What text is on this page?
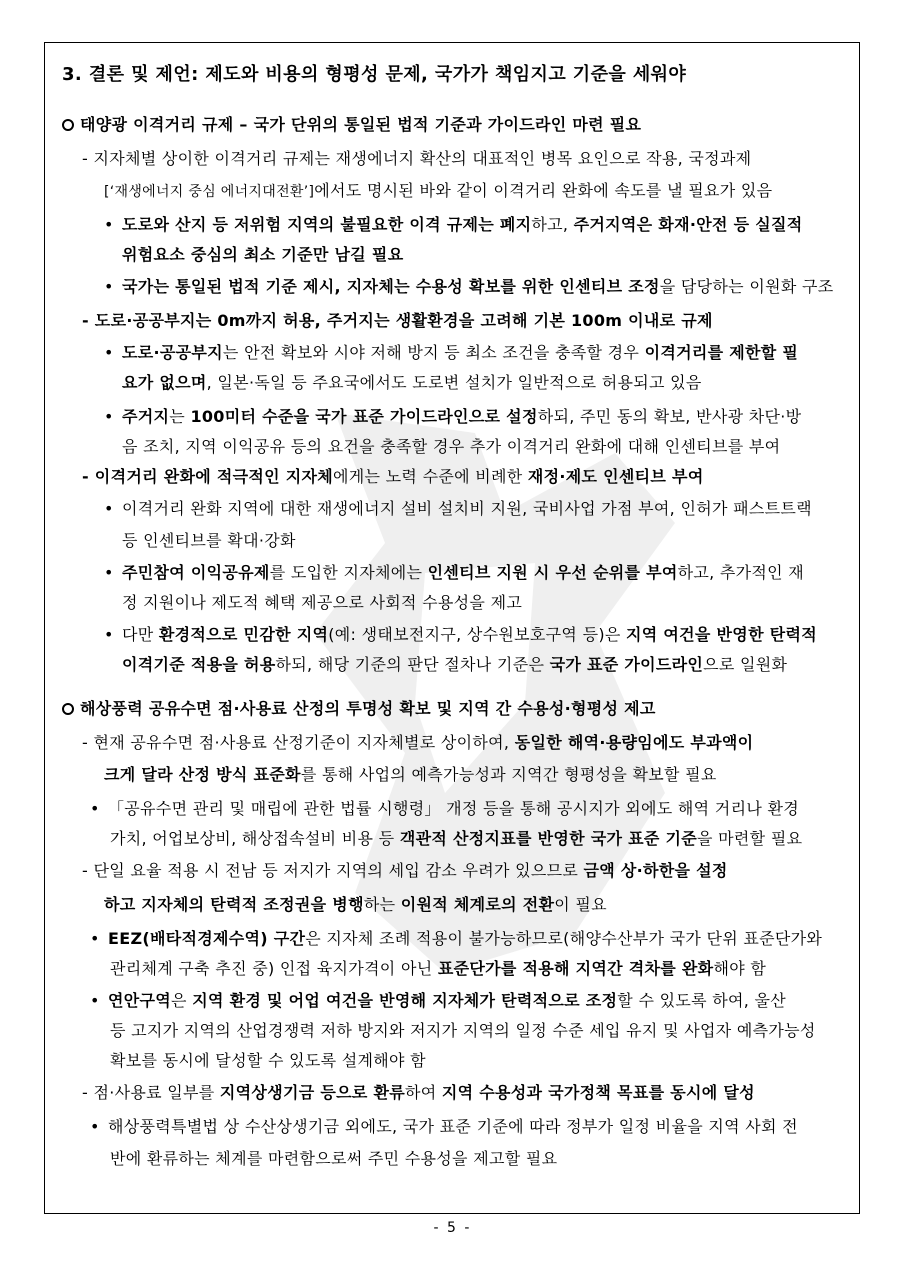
3. 결론 및 제언: 제도와 비용의 형평성 문제, 국가가 책임지고 기준을 세워야
태양광 이격거리 규제 – 국가 단위의 통일된 법적 기준과 가이드라인 마련 필요
- 지자체별 상이한 이격거리 규제는 재생에너지 확산의 대표적인 병목 요인으로 작용, 국정과제
[‘재생에너지 중심 에너지대전환’]에서도 명시된 바와 같이 이격거리 완화에 속도를 낼 필요가 있음
• 도로와 산지 등 저위험 지역의 불필요한 이격 규제는 폐지하고, 주거지역은 화재·안전 등 실질적
위험요소 중심의 최소 기준만 남길 필요
• 국가는 통일된 법적 기준 제시, 지자체는 수용성 확보를 위한 인센티브 조정을 담당하는 이원화 구조
- 도로·공공부지는 0m까지 허용, 주거지는 생활환경을 고려해 기본 100m 이내로 규제
• 도로·공공부지는 안전 확보와 시야 저해 방지 등 최소 조건을 충족할 경우 이격거리를 제한할 필
요가 없으며, 일본·독일 등 주요국에서도 도로변 설치가 일반적으로 허용되고 있음
• 주거지는 100미터 수준을 국가 표준 가이드라인으로 설정하되, 주민 동의 확보, 반사광 차단·방
음 조치, 지역 이익공유 등의 요건을 충족할 경우 추가 이격거리 완화에 대해 인센티브를 부여
- 이격거리 완화에 적극적인 지자체에게는 노력 수준에 비례한 재정·제도 인센티브 부여
• 이격거리 완화 지역에 대한 재생에너지 설비 설치비 지원, 국비사업 가점 부여, 인허가 패스트트랙
등 인센티브를 확대·강화
• 주민참여 이익공유제를 도입한 지자체에는 인센티브 지원 시 우선 순위를 부여하고, 추가적인 재
정 지원이나 제도적 혜택 제공으로 사회적 수용성을 제고
• 다만 환경적으로 민감한 지역(예: 생태보전지구, 상수원보호구역 등)은 지역 여건을 반영한 탄력적
이격기준 적용을 허용하되, 해당 기준의 판단 절차나 기준은 국가 표준 가이드라인으로 일원화
해상풍력 공유수면 점·사용료 산정의 투명성 확보 및 지역 간 수용성·형평성 제고
- 현재 공유수면 점·사용료 산정기준이 지자체별로 상이하여, 동일한 해역·용량임에도 부과액이
크게 달라 산정 방식 표준화를 통해 사업의 예측가능성과 지역간 형평성을 확보할 필요
• 「공유수면 관리 및 매립에 관한 법률 시행령」 개정 등을 통해 공시지가 외에도 해역 거리나 환경
가치, 어업보상비, 해상접속설비 비용 등 객관적 산정지표를 반영한 국가 표준 기준을 마련할 필요
- 단일 요율 적용 시 전남 등 저지가 지역의 세입 감소 우려가 있으므로 금액 상·하한을 설정
하고 지자체의 탄력적 조정권을 병행하는 이원적 체계로의 전환이 필요
• EEZ(배타적경제수역) 구간은 지자체 조례 적용이 불가능하므로(해양수산부가 국가 단위 표준단가와
관리체계 구축 추진 중) 인접 육지가격이 아닌 표준단가를 적용해 지역간 격차를 완화해야 함
• 연안구역은 지역 환경 및 어업 여건을 반영해 지자체가 탄력적으로 조정할 수 있도록 하여, 울산
등 고지가 지역의 산업경쟁력 저하 방지와 저지가 지역의 일정 수준 세입 유지 및 사업자 예측가능성
확보를 동시에 달성할 수 있도록 설계해야 함
- 점·사용료 일부를 지역상생기금 등으로 환류하여 지역 수용성과 국가정책 목표를 동시에 달성
• 해상풍력특별법 상 수산상생기금 외에도, 국가 표준 기준에 따라 정부가 일정 비율을 지역 사회 전
반에 환류하는 체계를 마련함으로써 주민 수용성을 제고할 필요
- 5 -
